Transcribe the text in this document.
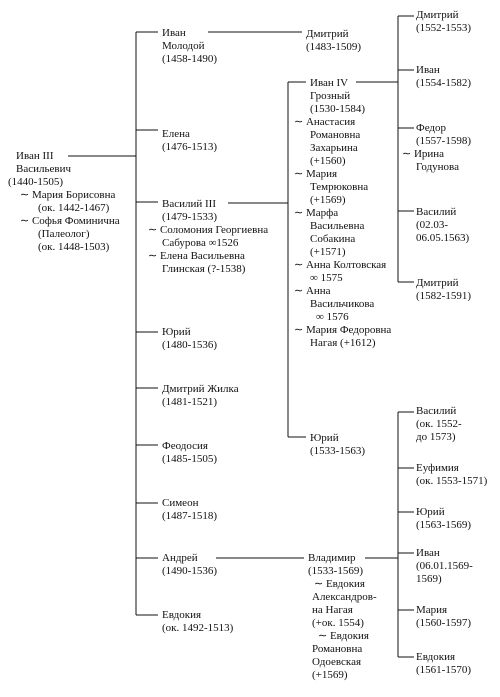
Иван III
Васильевич
(1440-1505)
∼ Мария Борисовна
(ок. 1442-1467)
∼ Софья Фоминична
(Палеолог)
(ок. 1448-1503)
Иван
Молодой
(1458-1490)
Елена
(1476-1513)
Василий III
(1479-1533)
∼ Соломония Георгиевна
Сабурова ∞1526
∼ Елена Васильевна
Глинская (?-1538)
Юрий
(1480-1536)
Дмитрий Жилка
(1481-1521)
Феодосия
(1485-1505)
Симеон
(1487-1518)
Андрей
(1490-1536)
Евдокия
(ок. 1492-1513)
Дмитрий
(1483-1509)
Иван IV
Грозный
(1530-1584)
∼ Анастасия
Романовна
Захарьина
(+1560)
∼ Мария
Темрюковна
(+1569)
∼ Марфа
Васильевна
Собакина
(+1571)
∼ Анна Колтовская
∞ 1575
∼ Анна
Васильчикова
∞ 1576
∼ Мария Федоровна
Нагая (+1612)
Юрий
(1533-1563)
Владимир
(1533-1569)
∼ Евдокия
Александров-
на Нагая
(+ок. 1554)
∼ Евдокия
Романовна
Одоевская
(+1569)
Дмитрий
(1552-1553)
Иван
(1554-1582)
Федор
(1557-1598)
∼ Ирина
Годунова
Василий
(02.03-
06.05.1563)
Дмитрий
(1582-1591)
Василий
(ок. 1552-
до 1573)
Еуфимия
(ок. 1553-1571)
Юрий
(1563-1569)
Иван
(06.01.1569-
1569)
Мария
(1560-1597)
Евдокия
(1561-1570)
